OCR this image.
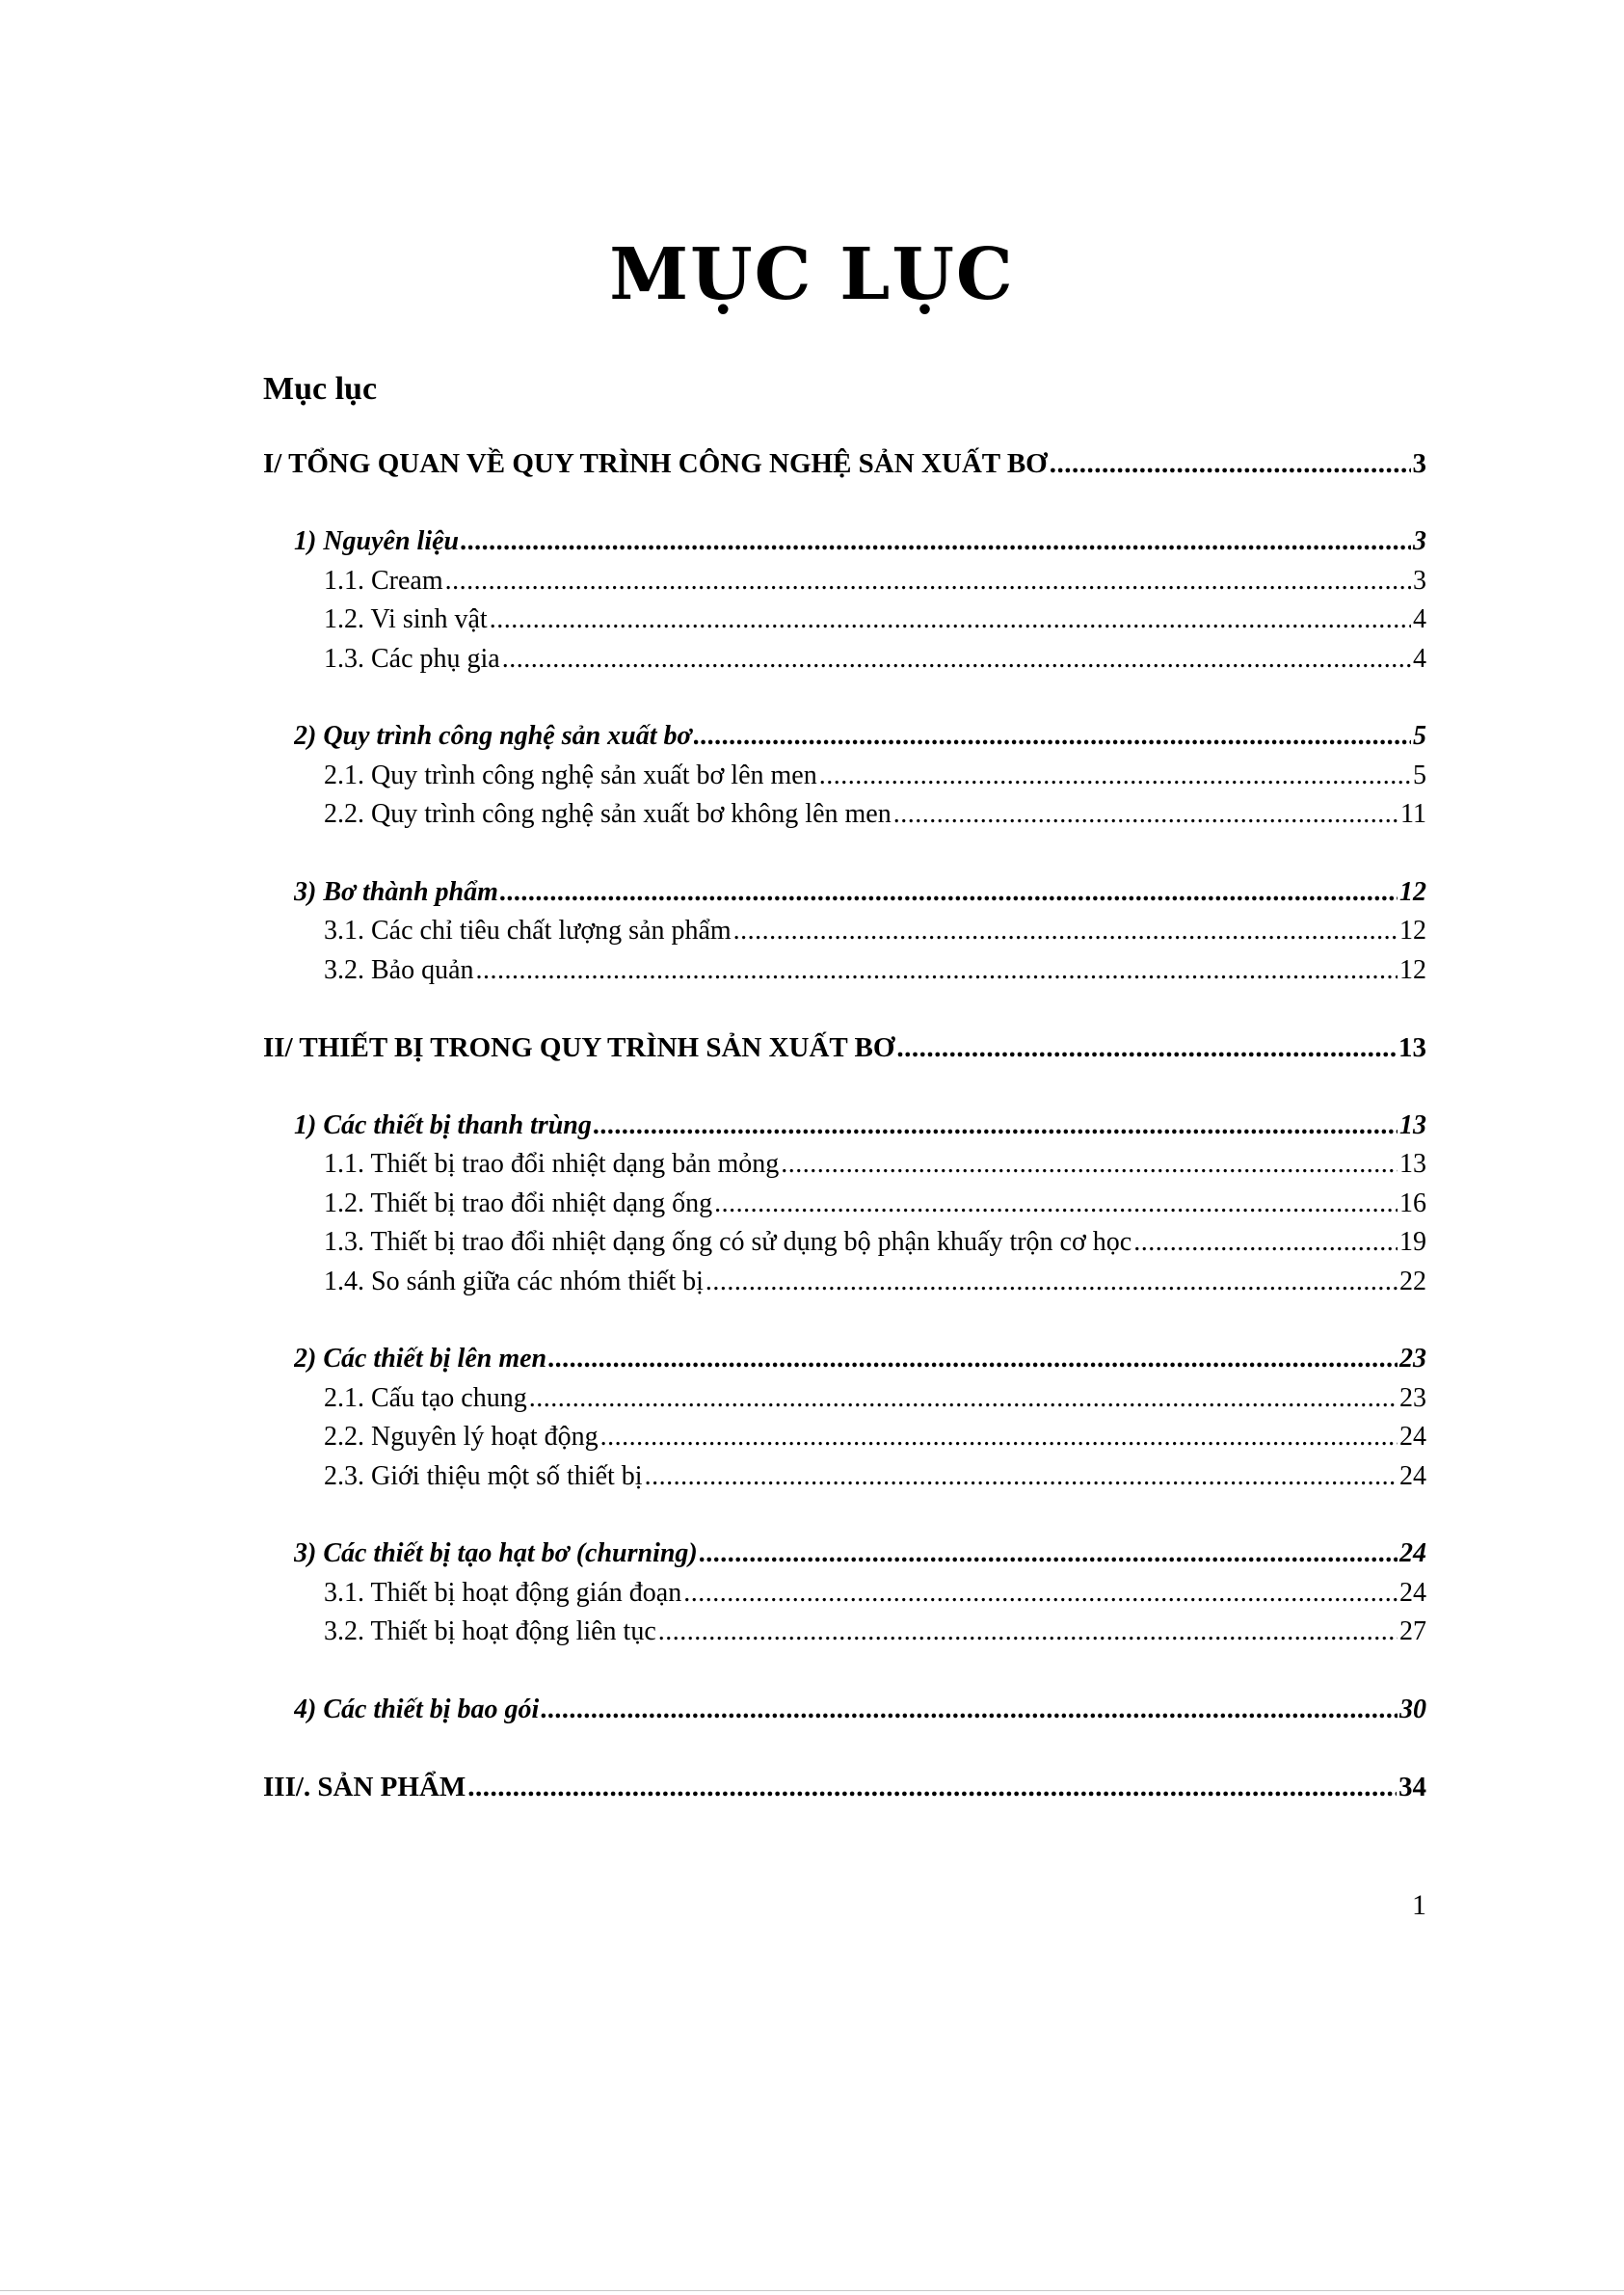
MỤC LỤC
Mục lục
I/ TỔNG QUAN VỀ QUY TRÌNH CÔNG NGHỆ SẢN XUẤT BƠ .....	3
1) Nguyên liệu .....	3
1.1. Cream .....	3
1.2. Vi sinh vật .....	4
1.3. Các phụ gia .....	4
2) Quy trình công nghệ sản xuất bơ .....	5
2.1. Quy trình công nghệ sản xuất bơ lên men .....	5
2.2. Quy trình công nghệ sản xuất bơ không lên men .....	11
3) Bơ thành phẩm .....	12
3.1. Các chỉ tiêu chất lượng sản phẩm .....	12
3.2. Bảo quản .....	12
II/ THIẾT BỊ TRONG QUY TRÌNH SẢN XUẤT BƠ .....	13
1) Các thiết bị thanh trùng .....	13
1.1. Thiết bị trao đổi nhiệt dạng bản mỏng .....	13
1.2. Thiết bị trao đổi nhiệt dạng ống .....	16
1.3. Thiết bị trao đổi nhiệt dạng ống có sử dụng bộ phận khuấy trộn cơ học .....	19
1.4. So sánh giữa các nhóm thiết bị .....	22
2) Các thiết bị lên men .....	23
2.1. Cấu tạo chung .....	23
2.2. Nguyên lý hoạt động .....	24
2.3. Giới thiệu một số thiết bị .....	24
3) Các thiết bị tạo hạt bơ (churning) .....	24
3.1. Thiết bị hoạt động gián đoạn .....	24
3.2. Thiết bị hoạt động liên tục .....	27
4) Các thiết bị bao gói .....	30
III/. SẢN PHẨM .....	34
1
